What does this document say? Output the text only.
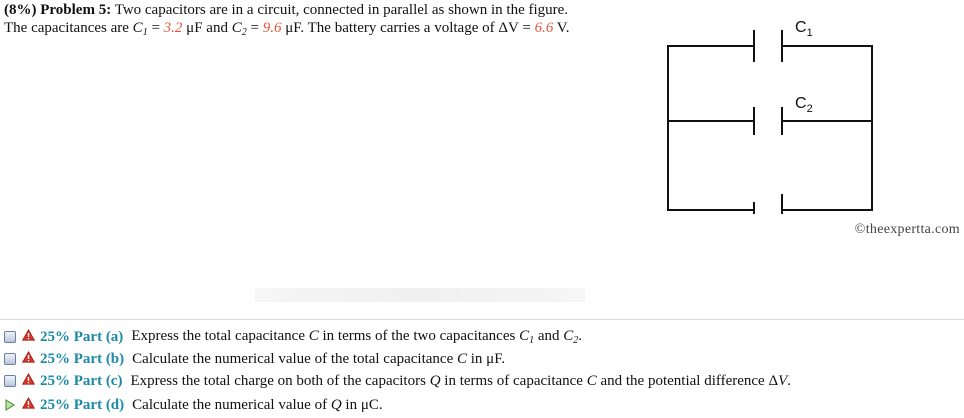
(8%) Problem 5: Two capacitors are in a circuit, connected in parallel as shown in the figure. The capacitances are $C_1 = 3.2$ μF and $C_2 = 9.6$ μF. The battery carries a voltage of ΔV = 6.6 V.	$C_1$
$C_2$
©theexpertta.com
25% Part (a) Express the total capacitance C in terms of the two capacitances $C_1$ and $C_2$.
25% Part (b) Calculate the numerical value of the total capacitance C in μF.
25% Part (c) Express the total charge on both of the capacitors Q in terms of capacitance C and the potential difference ΔV.
25% Part (d) Calculate the numerical value of Q in μC.
